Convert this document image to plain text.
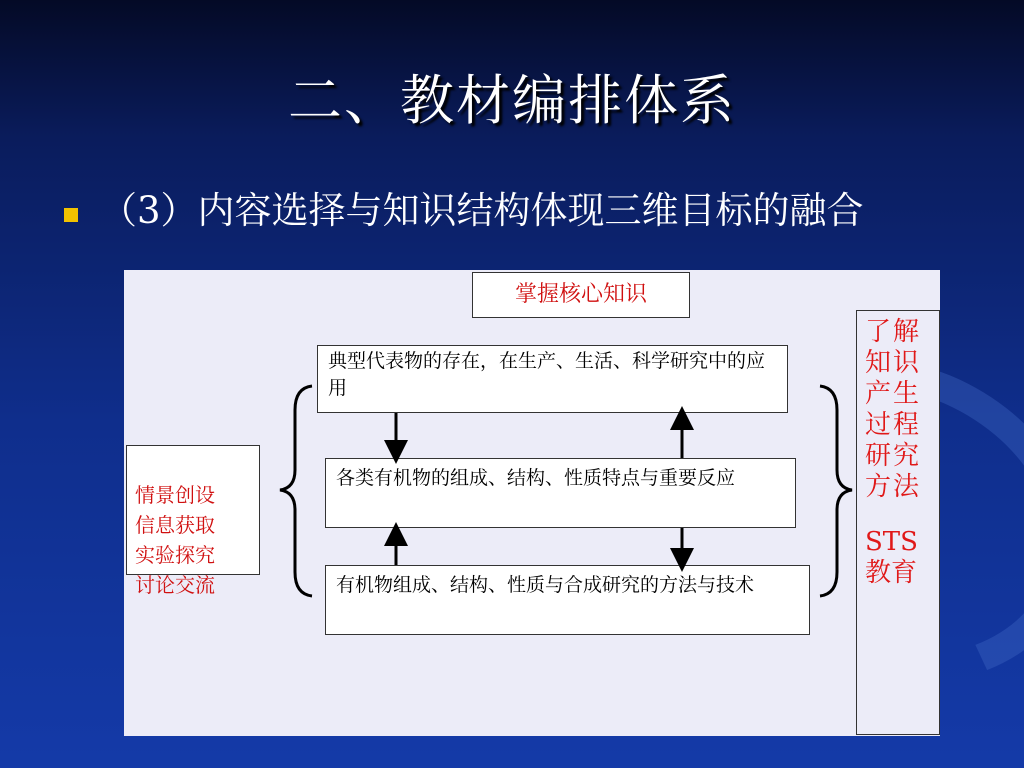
二、教材编排体系
（3）内容选择与知识结构体现三维目标的融合
掌握核心知识

情景创设
信息获取
实验探究
讨论交流

了解
知识
产生
过程
研究
方法
STS
教育
典型代表物的存在，在生产、生活、科学研究中的应用
各类有机物的组成、结构、性质特点与重要反应
有机物组成、结构、性质与合成研究的方法与技术
